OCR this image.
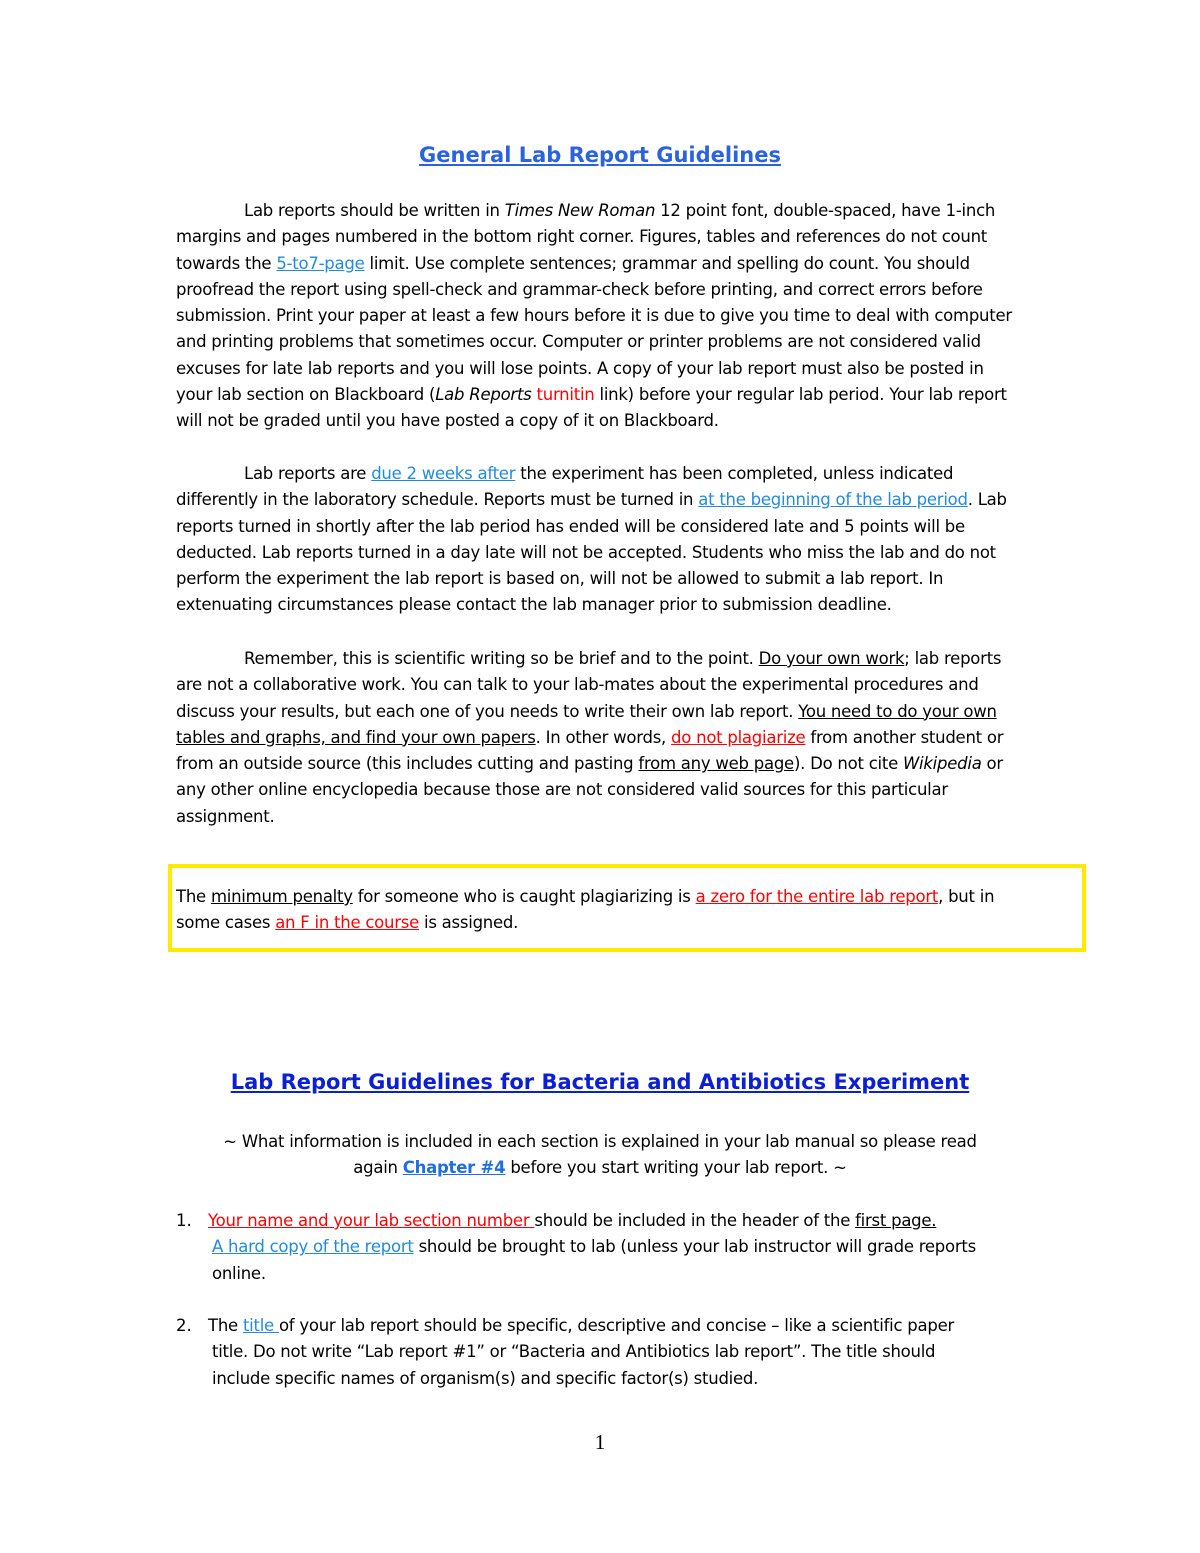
General Lab Report Guidelines
Lab reports should be written in Times New Roman 12 point font, double-spaced, have 1-inch
margins and pages numbered in the bottom right corner. Figures, tables and references do not count
towards the 5-to7-page limit. Use complete sentences; grammar and spelling do count. You should
proofread the report using spell-check and grammar-check before printing, and correct errors before
submission. Print your paper at least a few hours before it is due to give you time to deal with computer
and printing problems that sometimes occur. Computer or printer problems are not considered valid
excuses for late lab reports and you will lose points. A copy of your lab report must also be posted in
your lab section on Blackboard (Lab Reports turnitin link) before your regular lab period. Your lab report
will not be graded until you have posted a copy of it on Blackboard.
Lab reports are due 2 weeks after the experiment has been completed, unless indicated
differently in the laboratory schedule. Reports must be turned in at the beginning of the lab period. Lab
reports turned in shortly after the lab period has ended will be considered late and 5 points will be
deducted. Lab reports turned in a day late will not be accepted. Students who miss the lab and do not
perform the experiment the lab report is based on, will not be allowed to submit a lab report. In
extenuating circumstances please contact the lab manager prior to submission deadline.
Remember, this is scientific writing so be brief and to the point. Do your own work; lab reports
are not a collaborative work. You can talk to your lab-mates about the experimental procedures and
discuss your results, but each one of you needs to write their own lab report. You need to do your own
tables and graphs, and find your own papers. In other words, do not plagiarize from another student or
from an outside source (this includes cutting and pasting from any web page). Do not cite Wikipedia or
any other online encyclopedia because those are not considered valid sources for this particular
assignment.
The minimum penalty for someone who is caught plagiarizing is a zero for the entire lab report, but in
some cases an F in the course is assigned.
Lab Report Guidelines for Bacteria and Antibiotics Experiment
~ What information is included in each section is explained in your lab manual so please read
again Chapter #4 before you start writing your lab report. ~
1. Your name and your lab section number should be included in the header of the first page.
A hard copy of the report should be brought to lab (unless your lab instructor will grade reports
online.
2. The title of your lab report should be specific, descriptive and concise – like a scientific paper
title. Do not write “Lab report #1” or “Bacteria and Antibiotics lab report”. The title should
include specific names of organism(s) and specific factor(s) studied.
1
